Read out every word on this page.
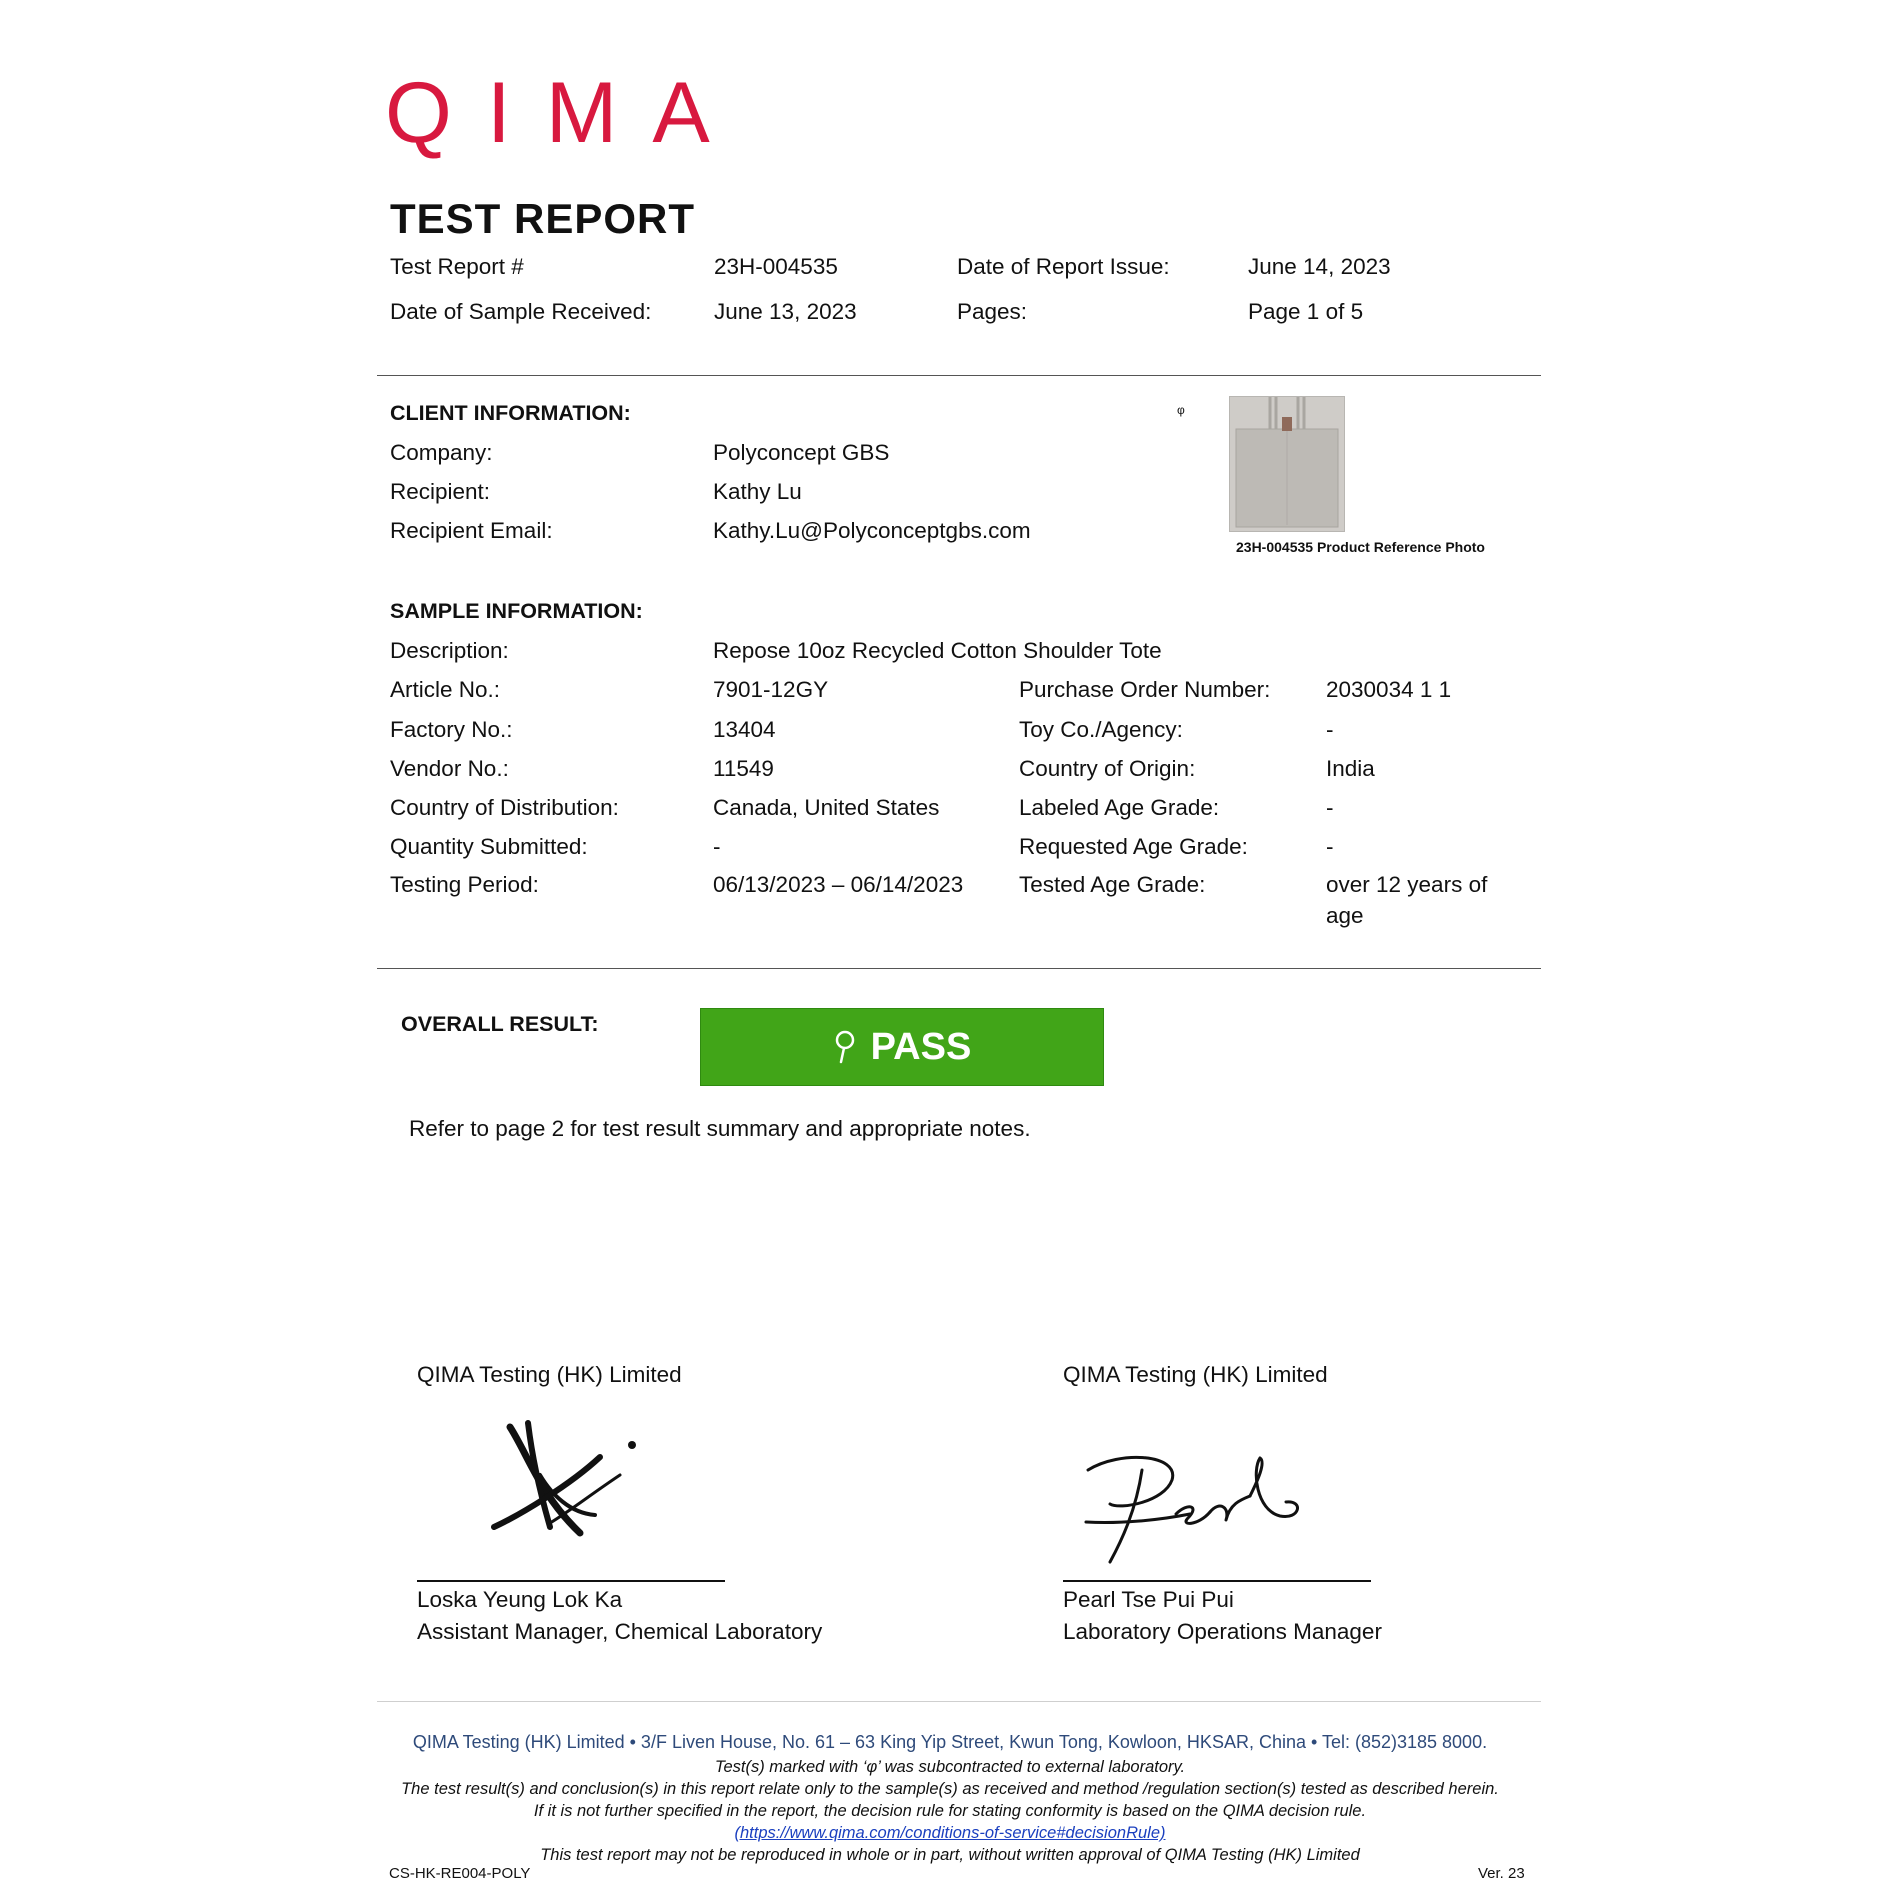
QIMA
TEST REPORT
Test Report #	23H-004535	Date of Report Issue:	June 14, 2023
Date of Sample Received:	June 13, 2023	Pages:	Page 1 of 5
CLIENT INFORMATION:
Company:	Polyconcept GBS
Recipient:	Kathy Lu
Recipient Email:	Kathy.Lu@Polyconceptgbs.com
φ
23H-004535 Product Reference Photo
SAMPLE INFORMATION:
Description:	Repose 10oz Recycled Cotton Shoulder Tote
Article No.:	7901-12GY	Purchase Order Number: 2030034 1 1
Factory No.:	13404	Toy Co./Agency:	-
Vendor No.:	11549	Country of Origin:	India
Country of Distribution:	Canada, United States	Labeled Age Grade:	-
Quantity Submitted:	-	Requested Age Grade:	-
Testing Period:	06/13/2023 – 06/14/2023 Tested Age Grade:	over 12 years of
age
OVERALL RESULT:
PASS
Refer to page 2 for test result summary and appropriate notes.
QIMA Testing (HK) Limited	QIMA Testing (HK) Limited
Loska Yeung Lok Ka
Assistant Manager, Chemical Laboratory
Pearl Tse Pui Pui
Laboratory Operations Manager
QIMA Testing (HK) Limited • 3/F Liven House, No. 61 – 63 King Yip Street, Kwun Tong, Kowloon, HKSAR, China • Tel: (852)3185 8000.
Test(s) marked with ‘φ’ was subcontracted to external laboratory.
The test result(s) and conclusion(s) in this report relate only to the sample(s) as received and method /regulation section(s) tested as described herein.
If it is not further specified in the report, the decision rule for stating conformity is based on the QIMA decision rule.
(https://www.qima.com/conditions-of-service#decisionRule)
This test report may not be reproduced in whole or in part, without written approval of QIMA Testing (HK) Limited
CS-HK-RE004-POLY	Ver. 23
